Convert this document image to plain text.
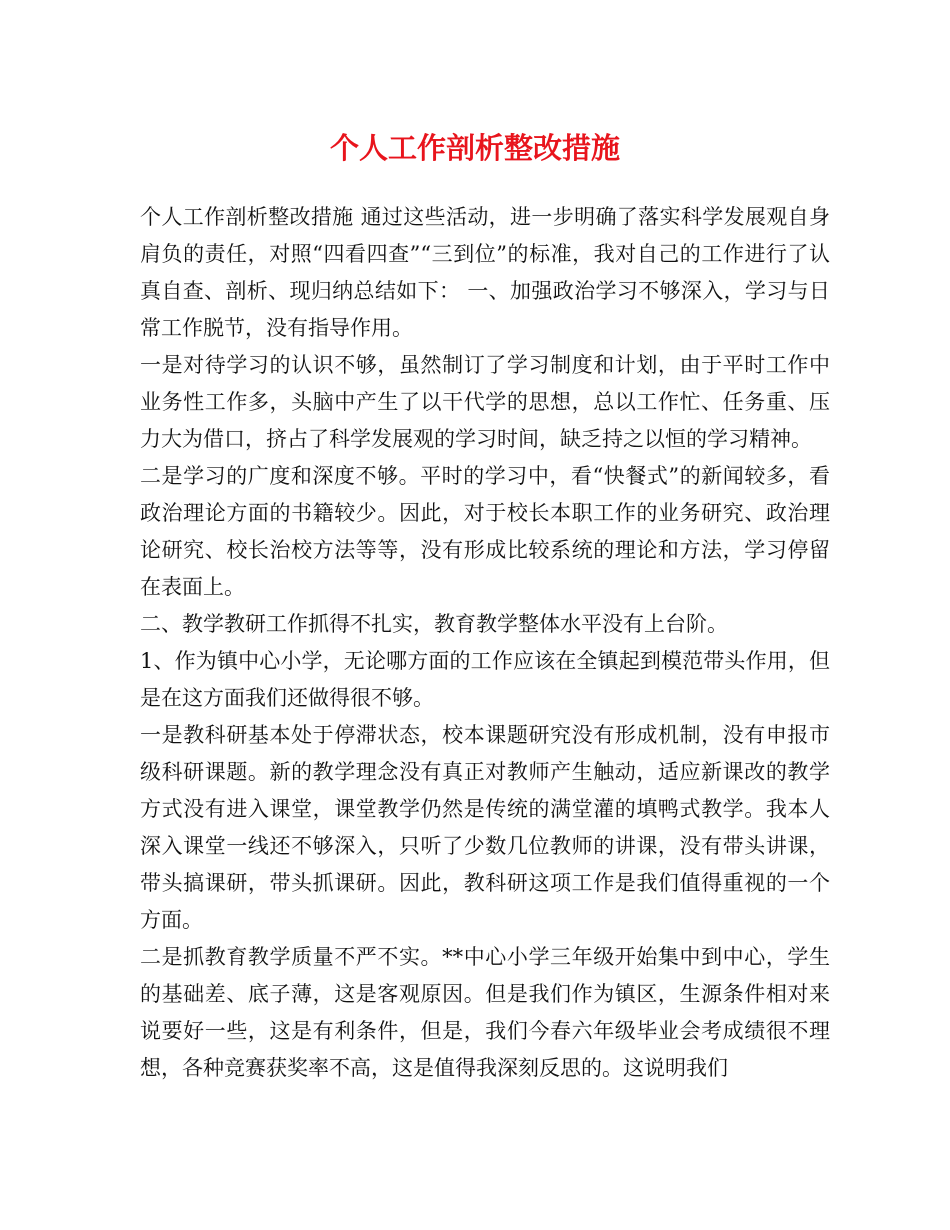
个人工作剖析整改措施

个人工作剖析整改措施 通过这些活动，进一步明确了落实科学发展观自身肩负的责任，对照“四看四查”“三到位”的标准，我对自己的工作进行了认真自查、剖析、现归纳总结如下： 一、加强政治学习不够深入，学习与日常工作脱节，没有指导作用。

一是对待学习的认识不够，虽然制订了学习制度和计划，由于平时工作中业务性工作多，头脑中产生了以干代学的思想，总以工作忙、任务重、压力大为借口，挤占了科学发展观的学习时间，缺乏持之以恒的学习精神。

二是学习的广度和深度不够。平时的学习中，看“快餐式”的新闻较多，看政治理论方面的书籍较少。因此，对于校长本职工作的业务研究、政治理论研究、校长治校方法等等，没有形成比较系统的理论和方法，学习停留在表面上。

二、教学教研工作抓得不扎实，教育教学整体水平没有上台阶。

1、作为镇中心小学，无论哪方面的工作应该在全镇起到模范带头作用，但是在这方面我们还做得很不够。

一是教科研基本处于停滞状态，校本课题研究没有形成机制，没有申报市级科研课题。新的教学理念没有真正对教师产生触动，适应新课改的教学方式没有进入课堂，课堂教学仍然是传统的满堂灌的填鸭式教学。我本人深入课堂一线还不够深入，只听了少数几位教师的讲课，没有带头讲课，带头搞课研，带头抓课研。因此，教科研这项工作是我们值得重视的一个方面。

二是抓教育教学质量不严不实。**中心小学三年级开始集中到中心，学生的基础差、底子薄，这是客观原因。但是我们作为镇区，生源条件相对来说要好一些，这是有利条件，但是，我们今春六年级毕业会考成绩很不理想，各种竞赛获奖率不高，这是值得我深刻反思的。这说明我们
